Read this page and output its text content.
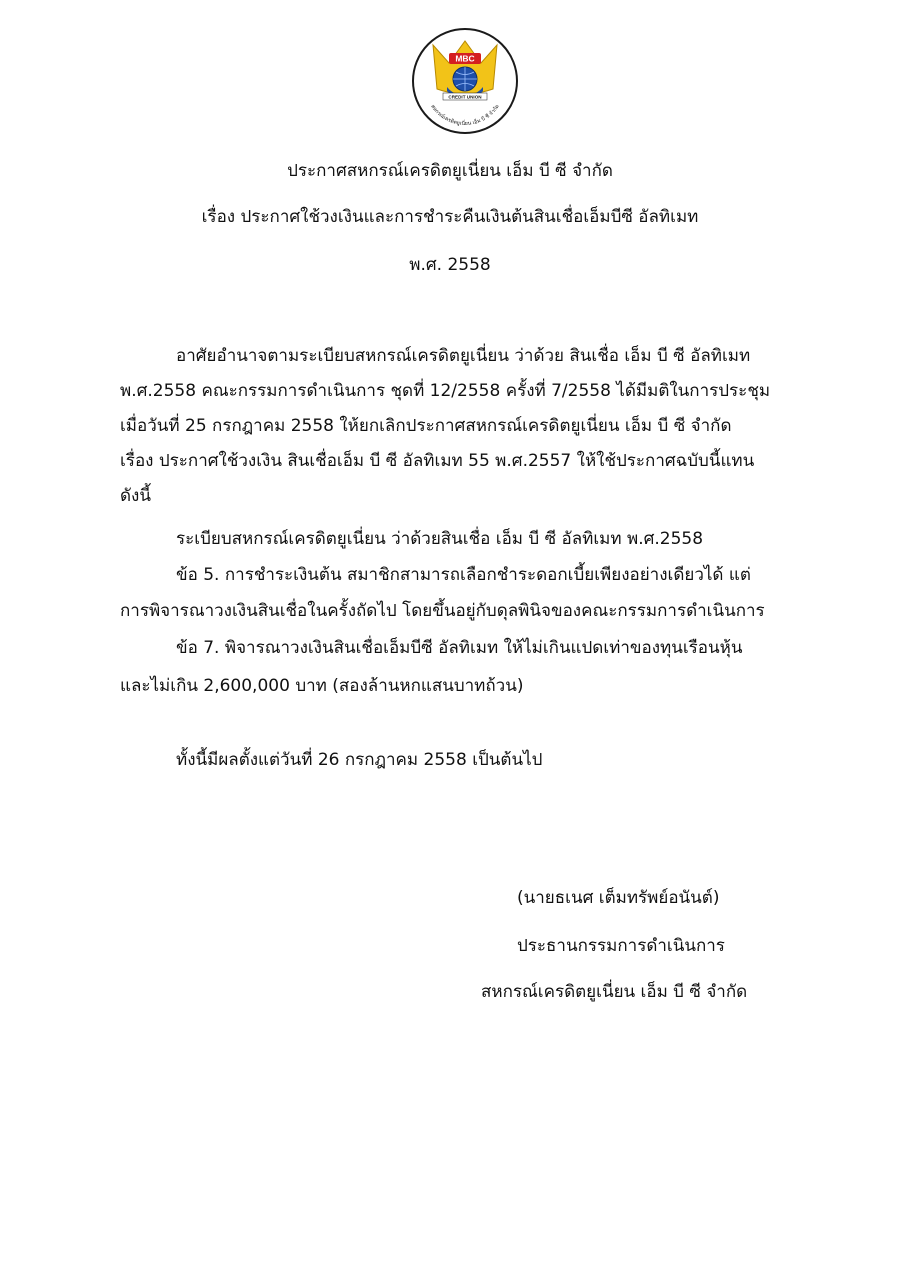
MBC
CREDIT UNION
สหกรณ์เครดิตยูเนี่ยน เอ็ม บี ซี จำกัด
ประกาศสหกรณ์เครดิตยูเนี่ยน เอ็ม บี ซี จำกัด
เรื่อง ประกาศใช้วงเงินและการชำระคืนเงินต้นสินเชื่อเอ็มบีซี อัลทิเมท
พ.ศ. 2558
อาศัยอำนาจตามระเบียบสหกรณ์เครดิตยูเนี่ยน ว่าด้วย สินเชื่อ เอ็ม บี ซี อัลทิเมท
พ.ศ.2558 คณะกรรมการดำเนินการ ชุดที่ 12/2558 ครั้งที่ 7/2558 ได้มีมติในการประชุม
เมื่อวันที่ 25 กรกฎาคม 2558 ให้ยกเลิกประกาศสหกรณ์เครดิตยูเนี่ยน เอ็ม บี ซี จำกัด
เรื่อง ประกาศใช้วงเงิน สินเชื่อเอ็ม บี ซี อัลทิเมท 55 พ.ศ.2557 ให้ใช้ประกาศฉบับนี้แทน
ดังนี้
ระเบียบสหกรณ์เครดิตยูเนี่ยน ว่าด้วยสินเชื่อ เอ็ม บี ซี อัลทิเมท พ.ศ.2558
ข้อ 5. การชำระเงินต้น สมาชิกสามารถเลือกชำระดอกเบี้ยเพียงอย่างเดียวได้ แต่
การพิจารณาวงเงินสินเชื่อในครั้งถัดไป โดยขึ้นอยู่กับดุลพินิจของคณะกรรมการดำเนินการ
ข้อ 7. พิจารณาวงเงินสินเชื่อเอ็มบีซี อัลทิเมท ให้ไม่เกินแปดเท่าของทุนเรือนหุ้น
และไม่เกิน 2,600,000 บาท (สองล้านหกแสนบาทถ้วน)
ทั้งนี้มีผลตั้งแต่วันที่ 26 กรกฎาคม 2558 เป็นต้นไป
(นายธเนศ เต็มทรัพย์อนันต์)
ประธานกรรมการดำเนินการ
สหกรณ์เครดิตยูเนี่ยน เอ็ม บี ซี จำกัด
